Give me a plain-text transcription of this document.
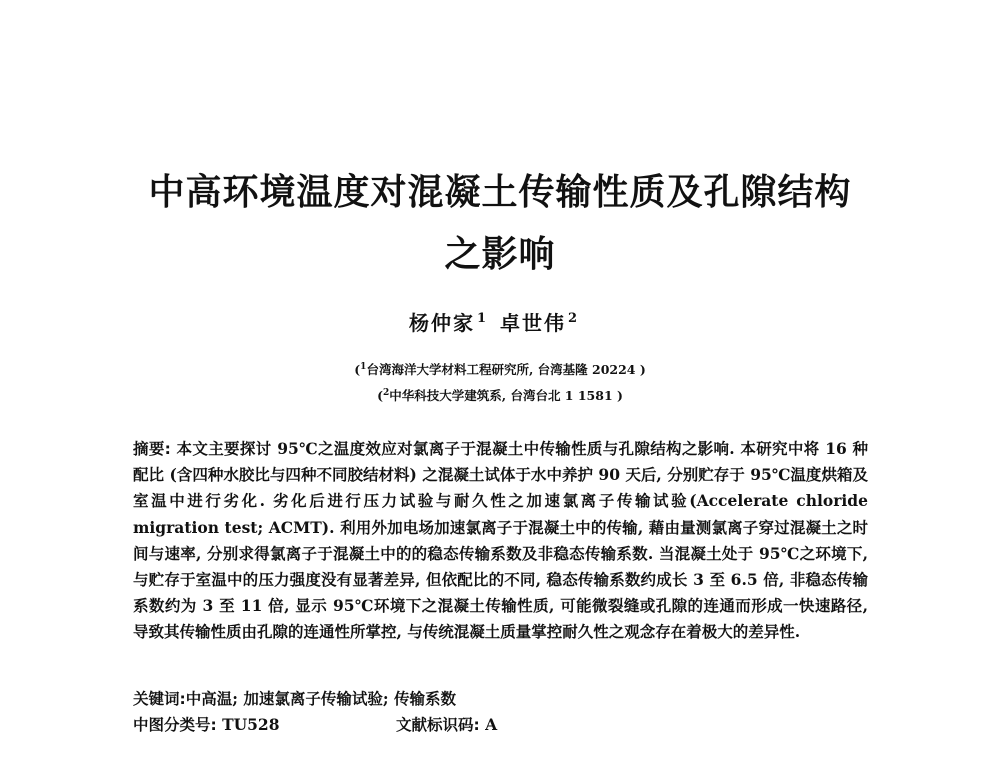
中高环境温度对混凝土传输性质及孔隙结构
之影响
杨仲家 $^1$ 卓世伟 $^2$
($^1$台湾海洋大学材料工程研究所, 台湾基隆 20224 )
($^2$中华科技大学建筑系, 台湾台北 1 1581 )
摘要: 本文主要探讨 95℃之温度效应对氯离子于混凝土中传输性质与孔隙结构之影响. 本研究中将 16 种配比 (含四种水胶比与四种不同胶结材料) 之混凝土试体于水中养护 90 天后, 分别贮存于 95℃温度烘箱及室温中进行劣化. 劣化后进行压力试验与耐久性之加速氯离子传输试验(Accelerate chloride migration test; ACMT). 利用外加电场加速氯离子于混凝土中的传输, 藉由量测氯离子穿过混凝土之时间与速率, 分别求得氯离子于混凝土中的的稳态传输系数及非稳态传输系数. 当混凝土处于 95℃之环境下, 与贮存于室温中的压力强度没有显著差异, 但依配比的不同, 稳态传输系数约成长 3 至 6.5 倍, 非稳态传输系数约为 3 至 11 倍, 显示 95℃环境下之混凝土传输性质, 可能微裂缝或孔隙的连通而形成一快速路径, 导致其传输性质由孔隙的连通性所掌控, 与传统混凝土质量掌控耐久性之观念存在着极大的差异性.
关键词:中高温; 加速氯离子传输试验; 传输系数
中图分类号: TU528	文献标识码: A
